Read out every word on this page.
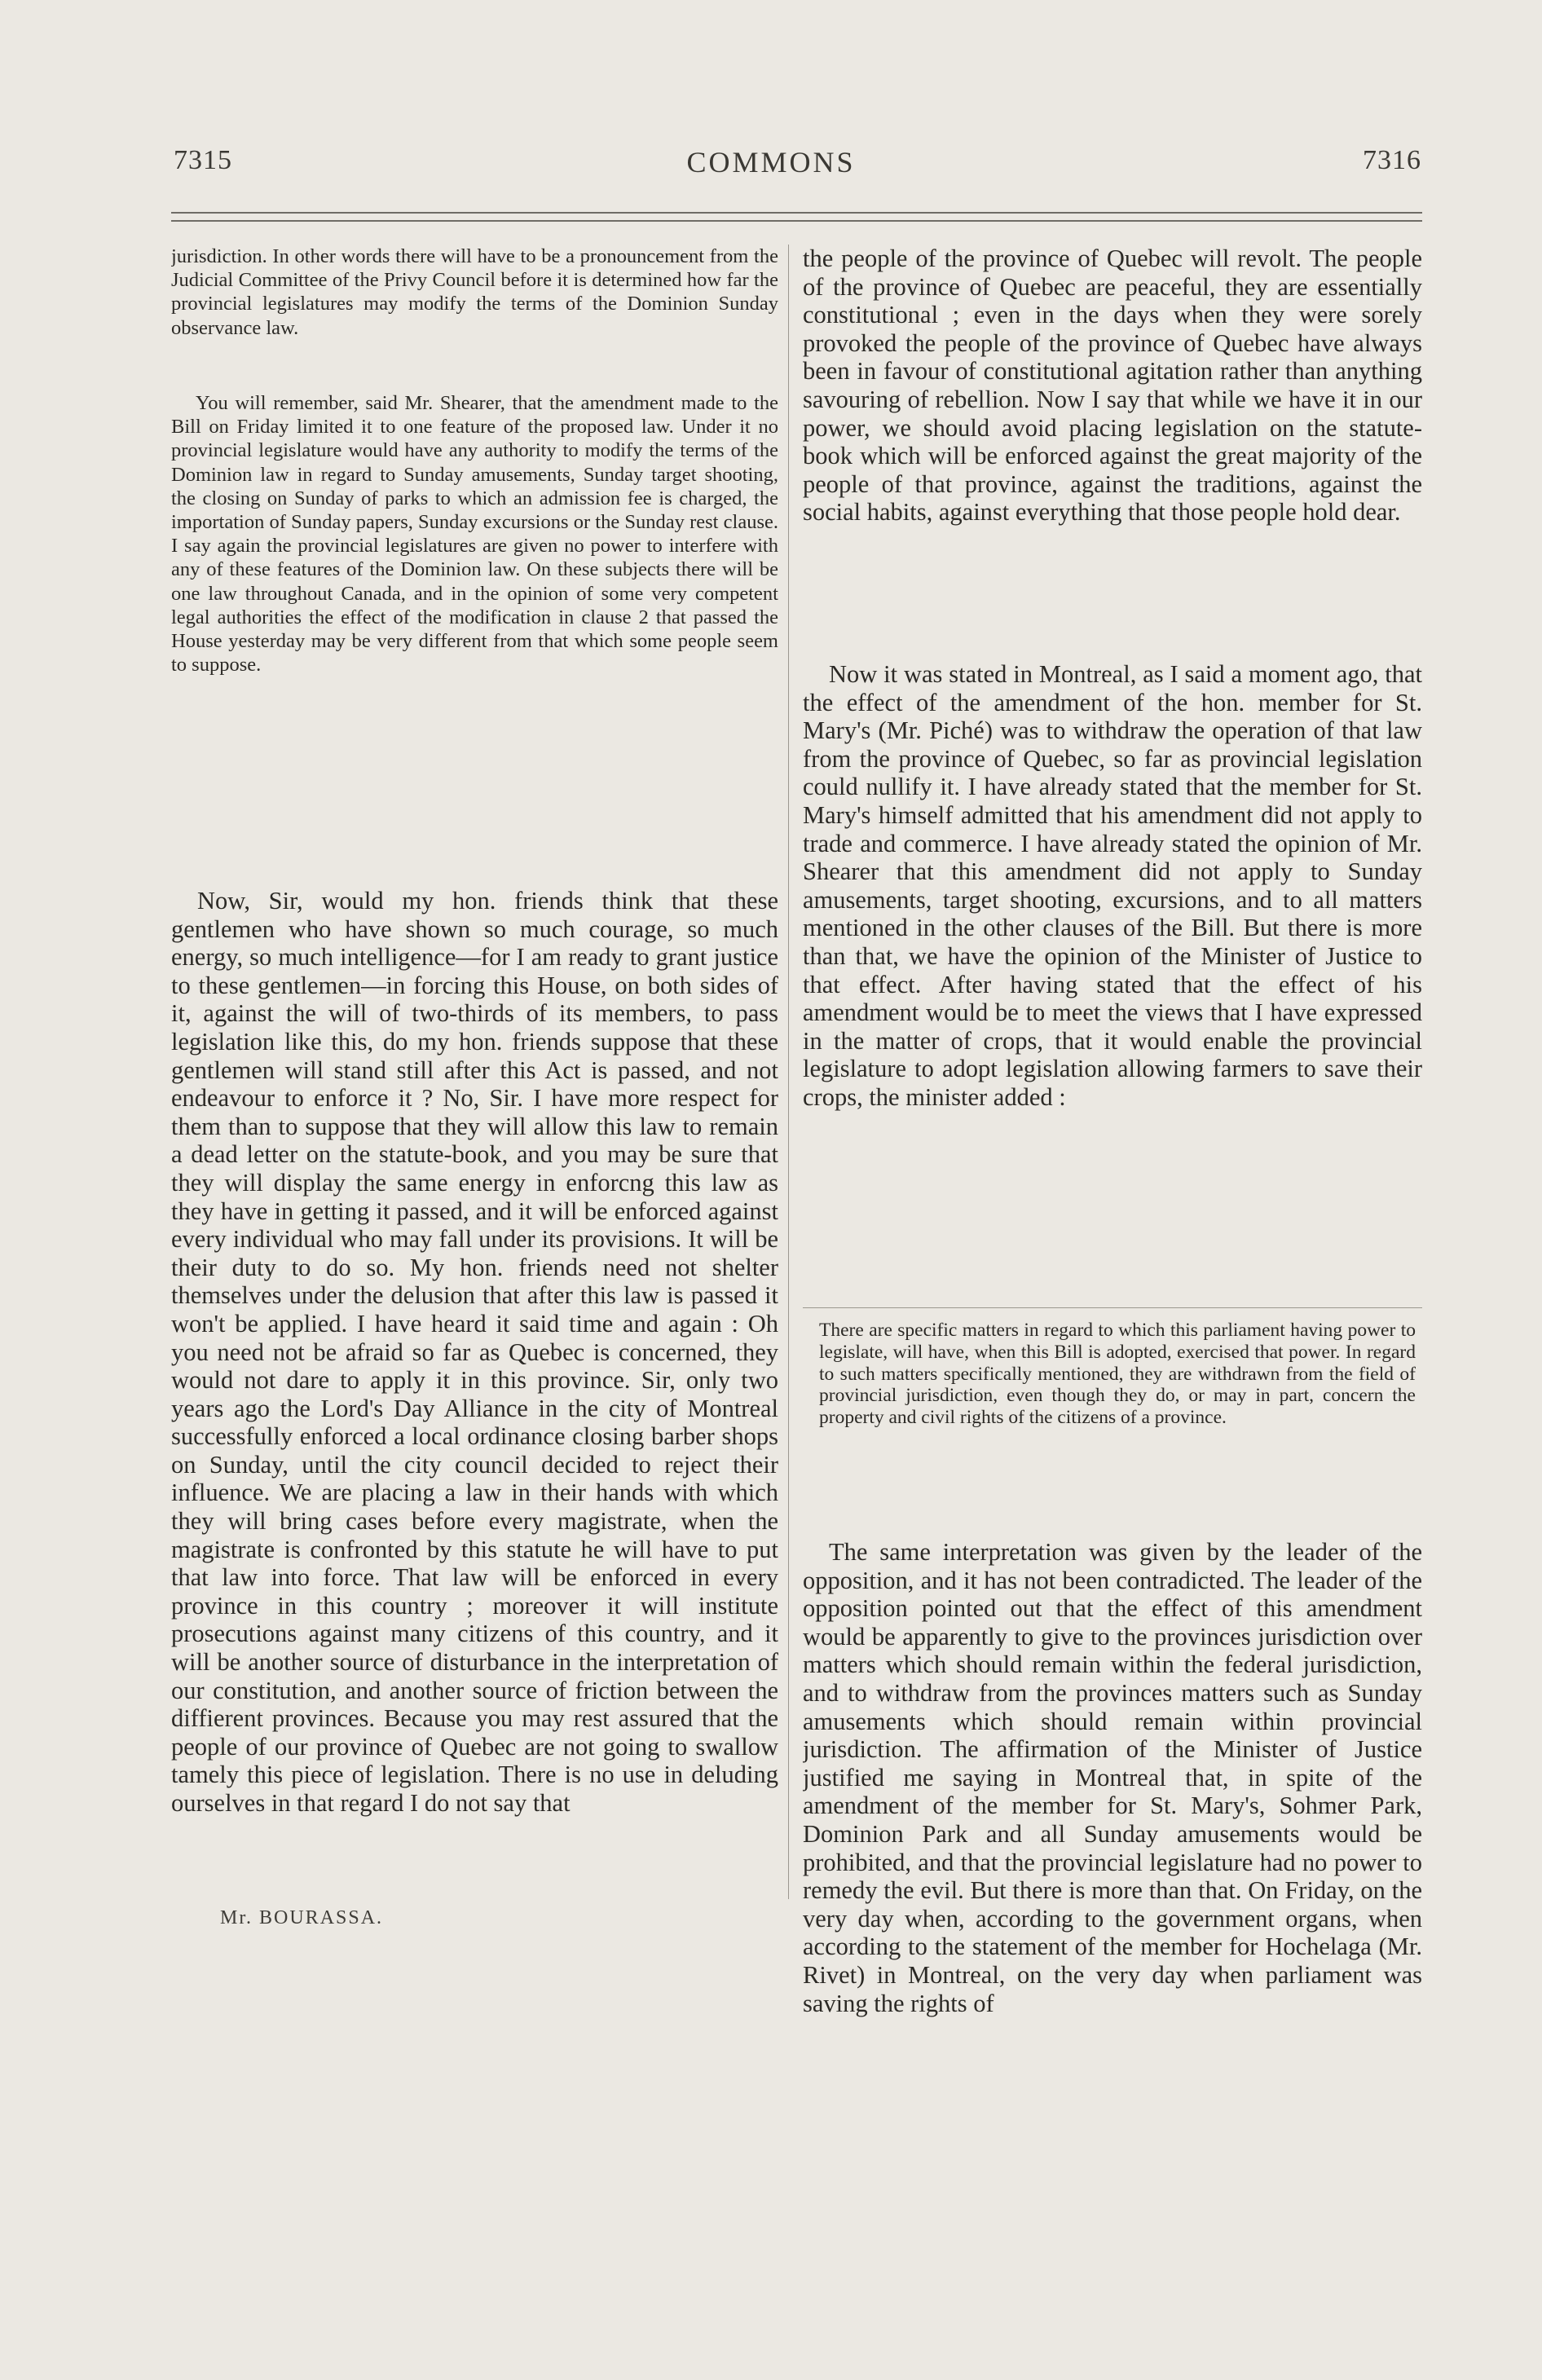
7315	COMMONS	7316

jurisdiction. In other words there will have to be a pronouncement from the Judicial Committee of the Privy Council before it is determined how far the provincial legislatures may modify the terms of the Dominion Sunday observance law.

You will remember, said Mr. Shearer, that the amendment made to the Bill on Friday limited it to one feature of the proposed law. Under it no provincial legislature would have any authority to modify the terms of the Dominion law in regard to Sunday amusements, Sunday target shooting, the closing on Sunday of parks to which an admission fee is charged, the importation of Sunday papers, Sunday excursions or the Sunday rest clause. I say again the provincial legislatures are given no power to interfere with any of these features of the Dominion law. On these subjects there will be one law throughout Canada, and in the opinion of some very competent legal authorities the effect of the modification in clause 2 that passed the House yesterday may be very different from that which some people seem to suppose.

Now, Sir, would my hon. friends think that these gentlemen who have shown so much courage, so much energy, so much intelligence—for I am ready to grant justice to these gentlemen—in forcing this House, on both sides of it, against the will of two-thirds of its members, to pass legislation like this, do my hon. friends suppose that these gentlemen will stand still after this Act is passed, and not endeavour to enforce it ? No, Sir. I have more respect for them than to suppose that they will allow this law to remain a dead letter on the statute-book, and you may be sure that they will display the same energy in enforcng this law as they have in getting it passed, and it will be enforced against every individual who may fall under its provisions. It will be their duty to do so. My hon. friends need not shelter themselves under the delusion that after this law is passed it won't be applied. I have heard it said time and again : Oh you need not be afraid so far as Quebec is concerned, they would not dare to apply it in this province. Sir, only two years ago the Lord's Day Alliance in the city of Montreal successfully enforced a local ordinance closing barber shops on Sunday, until the city council decided to reject their influence. We are placing a law in their hands with which they will bring cases before every magistrate, when the magistrate is confronted by this statute he will have to put that law into force. That law will be enforced in every province in this country ; moreover it will institute prosecutions against many citizens of this country, and it will be another source of disturbance in the interpretation of our constitution, and another source of friction between the diffierent provinces. Because you may rest assured that the people of our province of Quebec are not going to swallow tamely this piece of legislation. There is no use in deluding ourselves in that regard I do not say that

the people of the province of Quebec will revolt. The people of the province of Quebec are peaceful, they are essentially constitutional ; even in the days when they were sorely provoked the people of the province of Quebec have always been in favour of constitutional agitation rather than anything savouring of rebellion. Now I say that while we have it in our power, we should avoid placing legislation on the statute-book which will be enforced against the great majority of the people of that province, against the traditions, against the social habits, against everything that those people hold dear.

Now it was stated in Montreal, as I said a moment ago, that the effect of the amendment of the hon. member for St. Mary's (Mr. Piché) was to withdraw the operation of that law from the province of Quebec, so far as provincial legislation could nullify it. I have already stated that the member for St. Mary's himself admitted that his amendment did not apply to trade and commerce. I have already stated the opinion of Mr. Shearer that this amendment did not apply to Sunday amusements, target shooting, excursions, and to all matters mentioned in the other clauses of the Bill. But there is more than that, we have the opinion of the Minister of Justice to that effect. After having stated that the effect of his amendment would be to meet the views that I have expressed in the matter of crops, that it would enable the provincial legislature to adopt legislation allowing farmers to save their crops, the minister added :

There are specific matters in regard to which this parliament having power to legislate, will have, when this Bill is adopted, exercised that power. In regard to such matters specifically mentioned, they are withdrawn from the field of provincial jurisdiction, even though they do, or may in part, concern the property and civil rights of the citizens of a province.

The same interpretation was given by the leader of the opposition, and it has not been contradicted. The leader of the opposition pointed out that the effect of this amendment would be apparently to give to the provinces jurisdiction over matters which should remain within the federal jurisdiction, and to withdraw from the provinces matters such as Sunday amusements which should remain within provincial jurisdiction. The affirmation of the Minister of Justice justified me saying in Montreal that, in spite of the amendment of the member for St. Mary's, Sohmer Park, Dominion Park and all Sunday amusements would be prohibited, and that the provincial legislature had no power to remedy the evil. But there is more than that. On Friday, on the very day when, according to the government organs, when according to the statement of the member for Hochelaga (Mr. Rivet) in Montreal, on the very day when parliament was saving the rights of

Mr. BOURASSA.
